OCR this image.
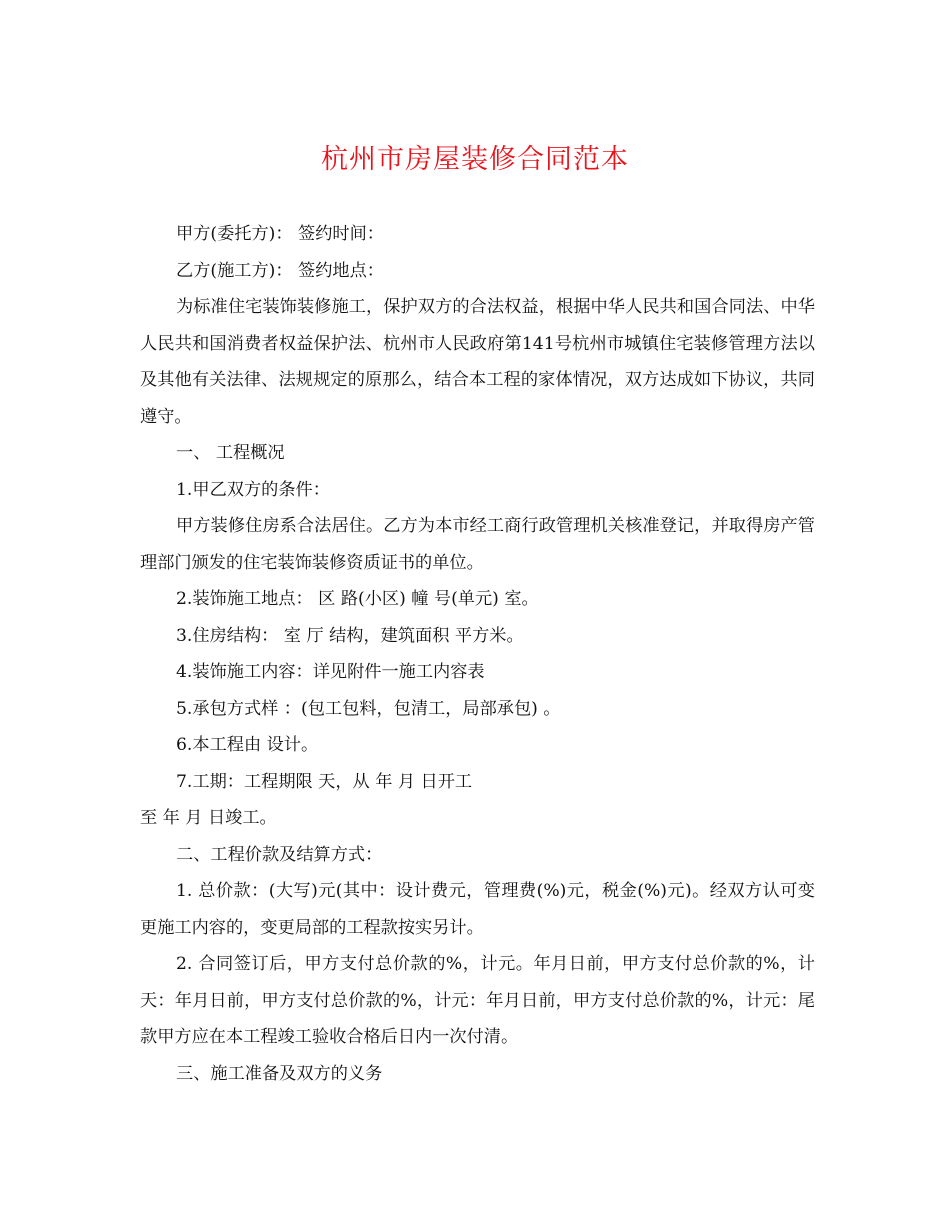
杭州市房屋装修合同范本

甲方(委托方)： 签约时间：

乙方(施工方)： 签约地点：

为标准住宅装饰装修施工，保护双方的合法权益，根据中华人民共和国合同法、中华人民共和国消费者权益保护法、杭州市人民政府第141号杭州市城镇住宅装修管理方法以及其他有关法律、法规规定的原那么，结合本工程的家体情况，双方达成如下协议，共同遵守。

一、 工程概况

1.甲乙双方的条件：

甲方装修住房系合法居住。乙方为本市经工商行政管理机关核准登记，并取得房产管理部门颁发的住宅装饰装修资质证书的单位。

2.装饰施工地点： 区 路(小区) 幢 号(单元) 室。

3.住房结构： 室 厅 结构，建筑面积 平方米。

4.装饰施工内容：详见附件一施工内容表

5.承包方式样 ：(包工包料，包清工，局部承包) 。

6.本工程由 设计。

7.工期：工程期限 天，从 年 月 日开工

至 年 月 日竣工。

二、工程价款及结算方式：

1. 总价款：(大写)元(其中：设计费元，管理费(%)元，税金(%)元)。经双方认可变更施工内容的，变更局部的工程款按实另计。

2. 合同签订后，甲方支付总价款的%，计元。年月日前，甲方支付总价款的%，计天：年月日前，甲方支付总价款的%，计元：年月日前，甲方支付总价款的%，计元：尾款甲方应在本工程竣工验收合格后日内一次付清。

三、施工准备及双方的义务
